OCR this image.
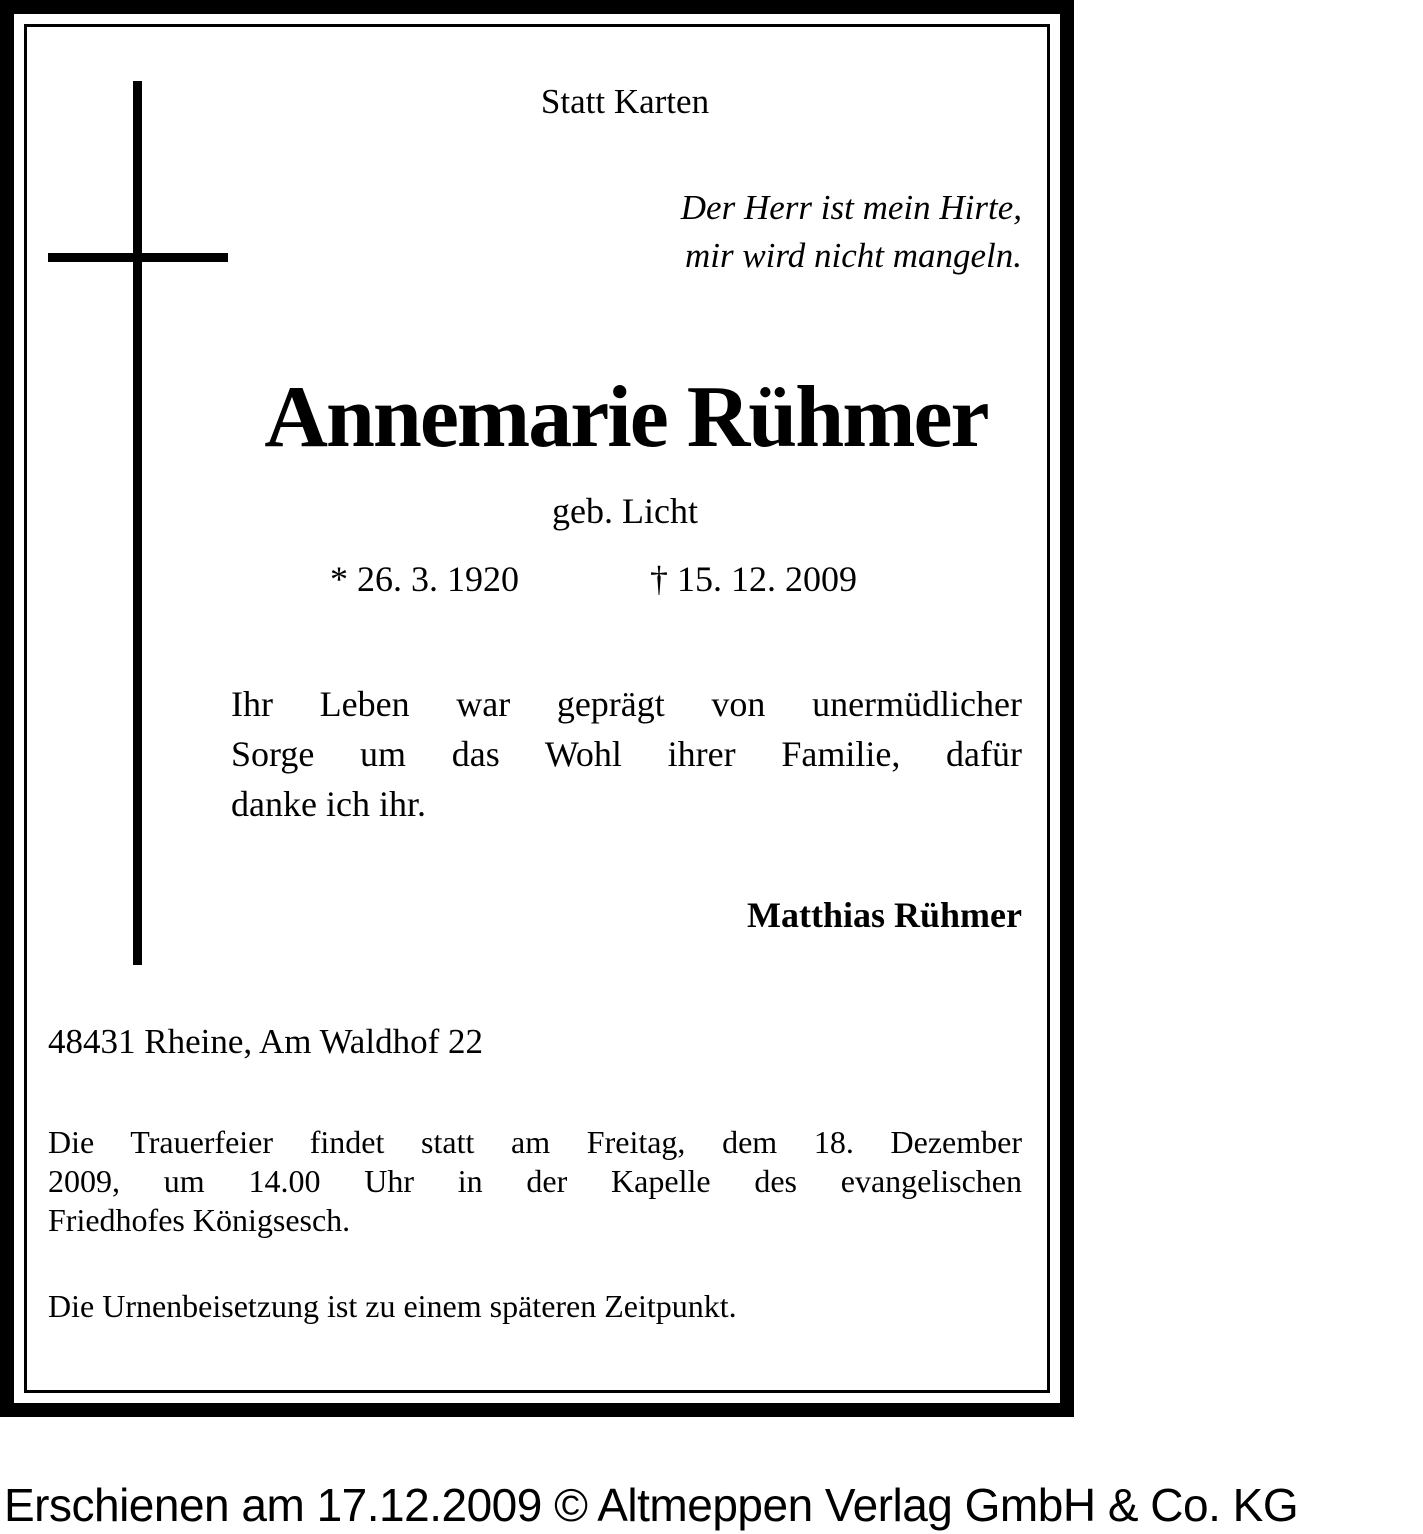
Statt Karten

Der Herr ist mein Hirte,

mir wird nicht mangeln.

Annemarie Rühmer

geb. Licht

* 26. 3. 1920	† 15. 12. 2009

Ihr Leben war geprägt von unermüdlicher

Sorge um das Wohl ihrer Familie, dafür

danke ich ihr.

Matthias Rühmer

48431 Rheine, Am Waldhof 22

Die Trauerfeier findet statt am Freitag, dem 18. Dezember

2009, um 14.00 Uhr in der Kapelle des evangelischen

Friedhofes Königsesch.

Die Urnenbeisetzung ist zu einem späteren Zeitpunkt.

Erschienen am 17.12.2009 © Altmeppen Verlag GmbH & Co. KG
